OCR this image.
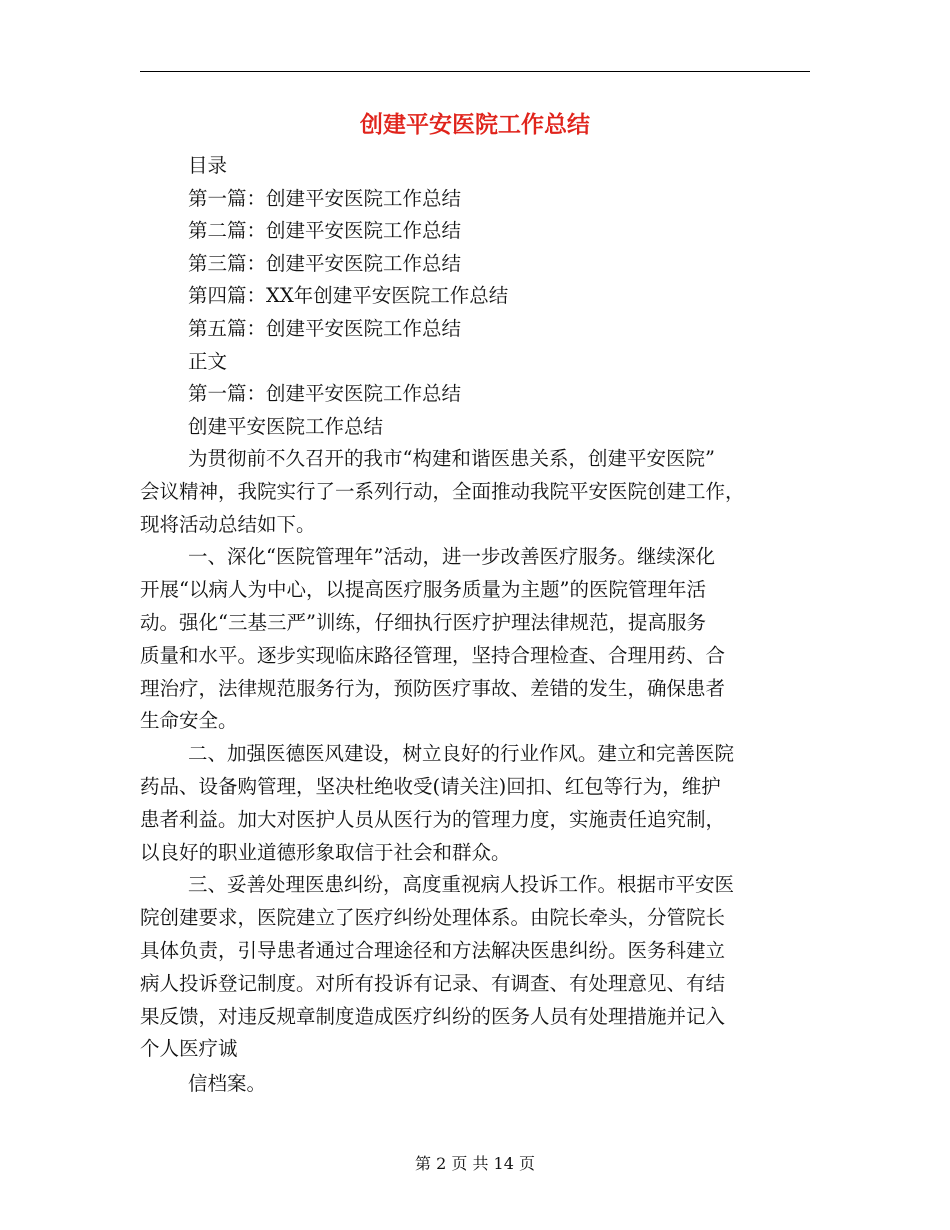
创建平安医院工作总结
目录
第一篇：创建平安医院工作总结
第二篇：创建平安医院工作总结
第三篇：创建平安医院工作总结
第四篇：XX年创建平安医院工作总结
第五篇：创建平安医院工作总结
正文
第一篇：创建平安医院工作总结
创建平安医院工作总结

为贯彻前不久召开的我市“构建和谐医患关系，创建平安医院”
会议精神，我院实行了一系列行动，全面推动我院平安医院创建工作，
现将活动总结如下。

一、深化“医院管理年”活动，进一步改善医疗服务。继续深化
开展“以病人为中心，以提高医疗服务质量为主题”的医院管理年活
动。强化“三基三严”训练，仔细执行医疗护理法律规范，提高服务
质量和水平。逐步实现临床路径管理，坚持合理检查、合理用药、合
理治疗，法律规范服务行为，预防医疗事故、差错的发生，确保患者
生命安全。

二、加强医德医风建设，树立良好的行业作风。建立和完善医院
药品、设备购管理，坚决杜绝收受(请关注)回扣、红包等行为，维护
患者利益。加大对医护人员从医行为的管理力度，实施责任追究制，
以良好的职业道德形象取信于社会和群众。

三、妥善处理医患纠纷，高度重视病人投诉工作。根据市平安医
院创建要求，医院建立了医疗纠纷处理体系。由院长牵头，分管院长
具体负责，引导患者通过合理途径和方法解决医患纠纷。医务科建立
病人投诉登记制度。对所有投诉有记录、有调查、有处理意见、有结
果反馈，对违反规章制度造成医疗纠纷的医务人员有处理措施并记入
个人医疗诚

信档案。

第 2 页 共 14 页
